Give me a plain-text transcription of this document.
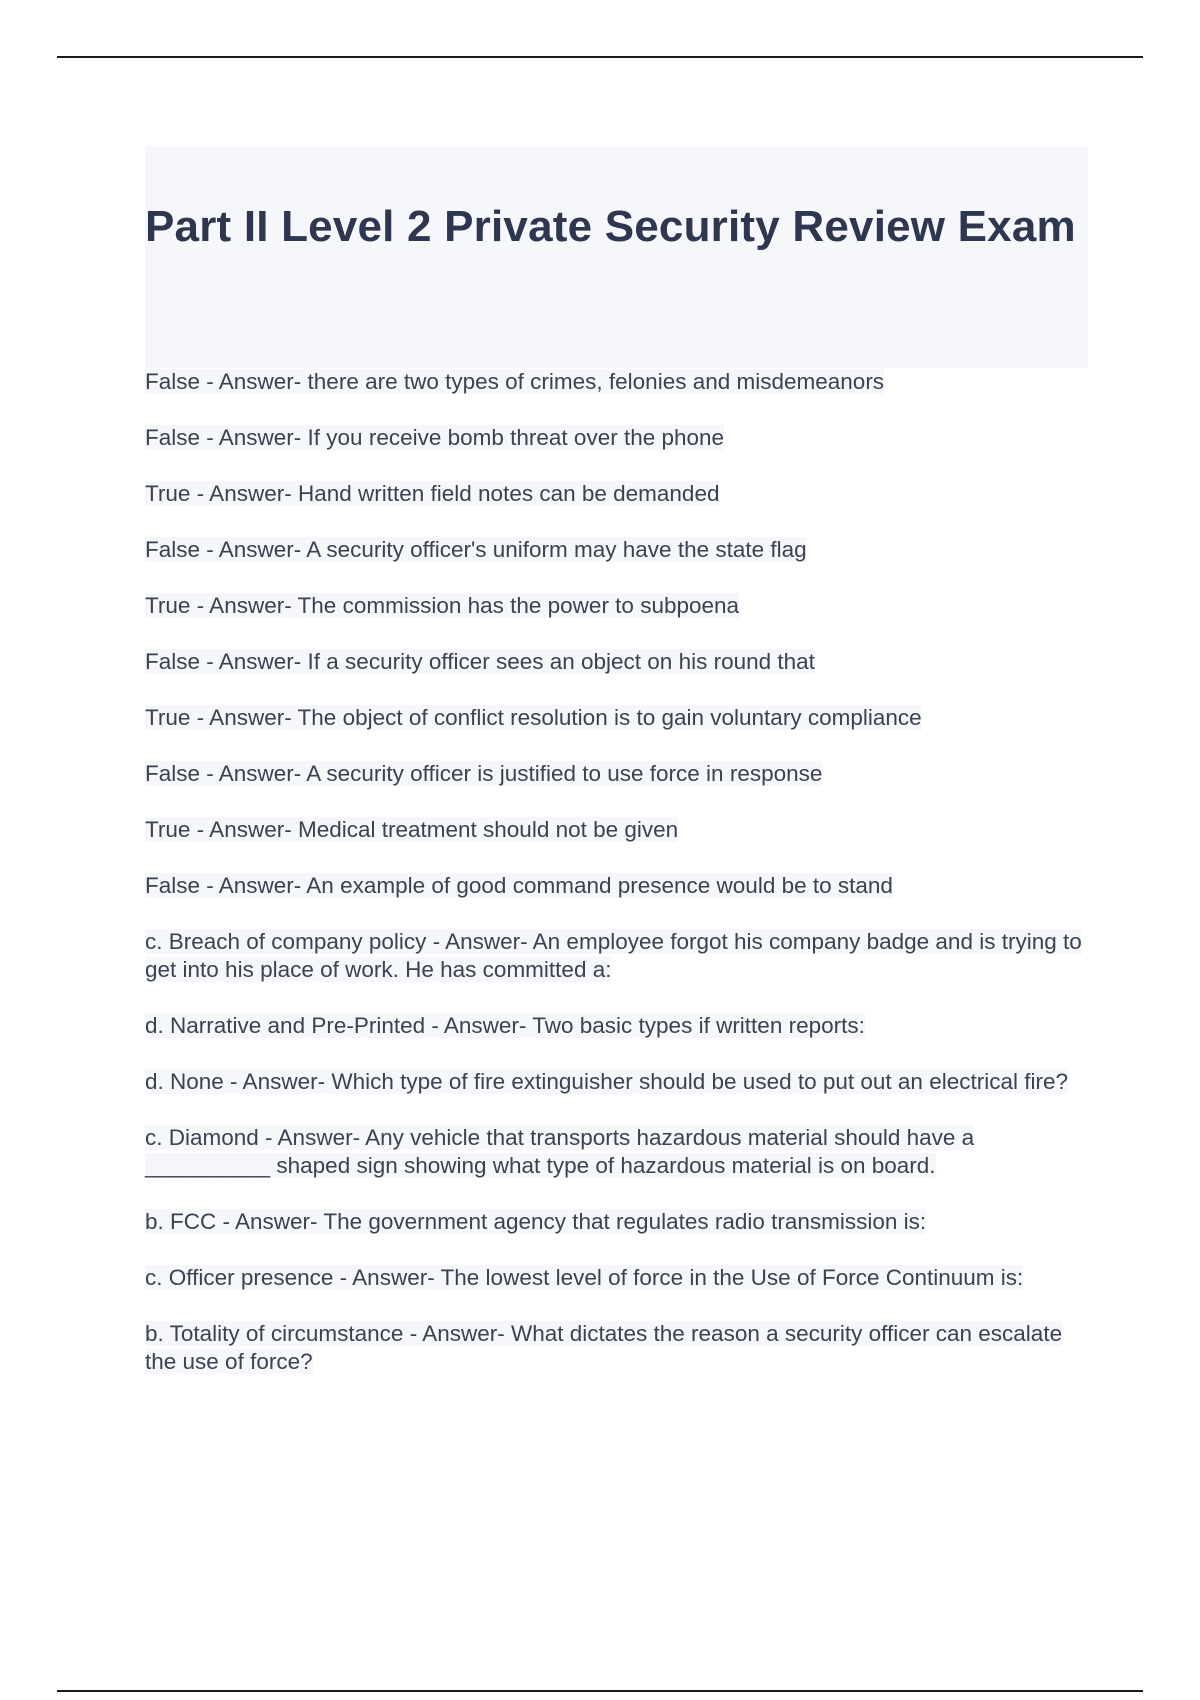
Part II Level 2 Private Security Review Exam
False - Answer- there are two types of crimes, felonies and misdemeanors
False - Answer- If you receive bomb threat over the phone
True - Answer- Hand written field notes can be demanded
False - Answer- A security officer's uniform may have the state flag
True - Answer- The commission has the power to subpoena
False - Answer- If a security officer sees an object on his round that
True - Answer- The object of conflict resolution is to gain voluntary compliance
False - Answer- A security officer is justified to use force in response
True - Answer- Medical treatment should not be given
False - Answer- An example of good command presence would be to stand
c. Breach of company policy - Answer- An employee forgot his company badge and is trying to get into his place of work. He has committed a:
d. Narrative and Pre-Printed - Answer- Two basic types if written reports:
d. None - Answer- Which type of fire extinguisher should be used to put out an electrical fire?
c. Diamond - Answer- Any vehicle that transports hazardous material should have a __________ shaped sign showing what type of hazardous material is on board.
b. FCC - Answer- The government agency that regulates radio transmission is:
c. Officer presence - Answer- The lowest level of force in the Use of Force Continuum is:
b. Totality of circumstance - Answer- What dictates the reason a security officer can escalate the use of force?
